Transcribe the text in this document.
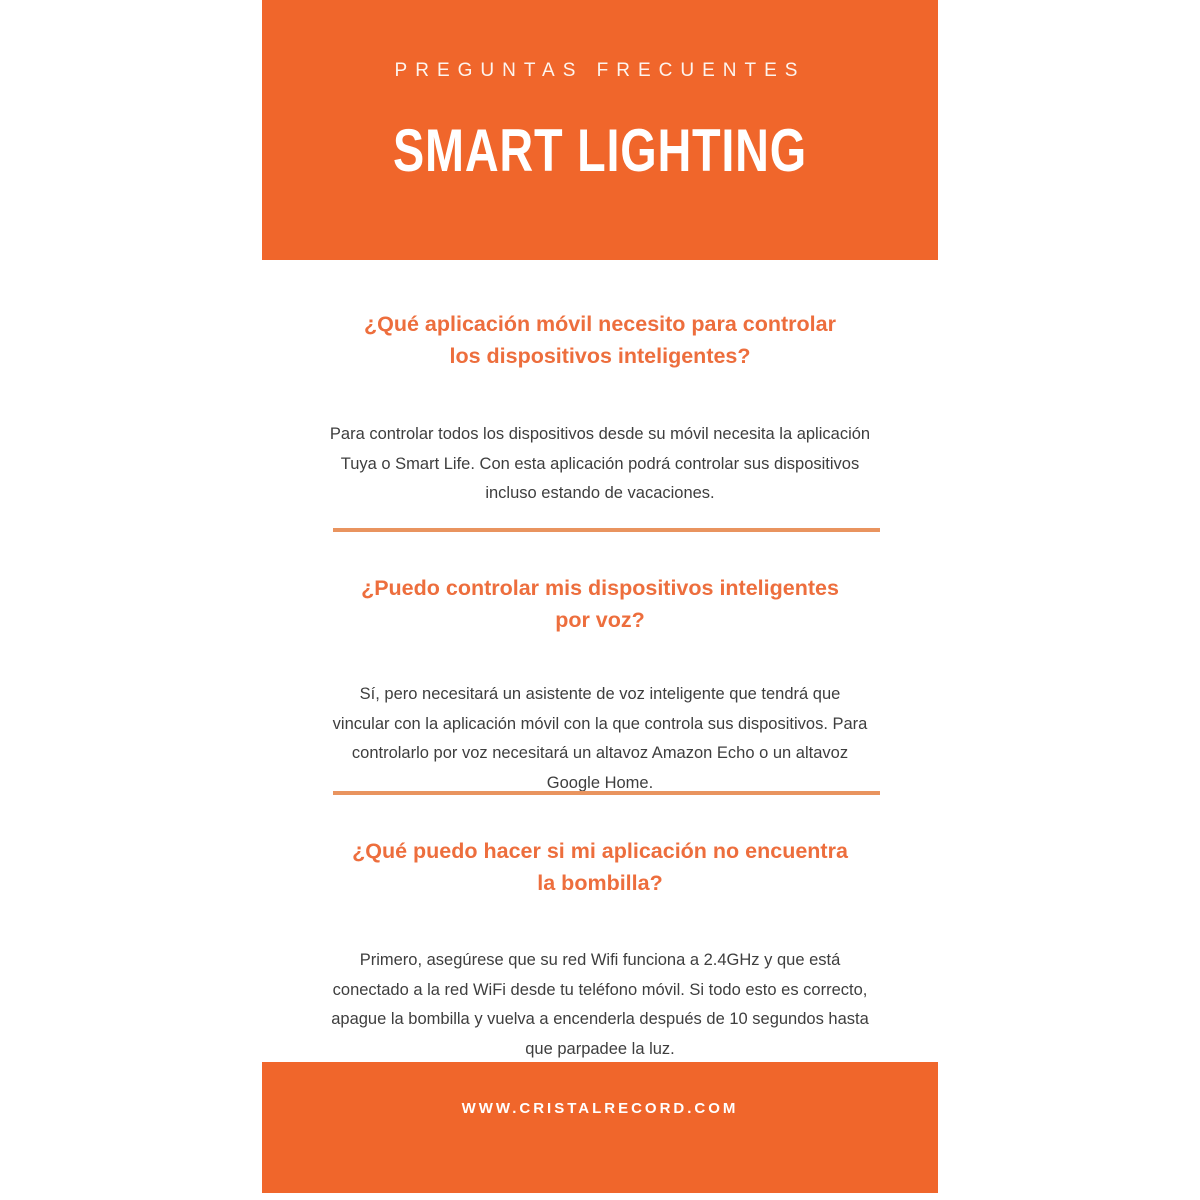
PREGUNTAS FRECUENTES
SMART LIGHTING
¿Qué aplicación móvil necesito para controlar
los dispositivos inteligentes?
Para controlar todos los dispositivos desde su móvil necesita la aplicación
Tuya o Smart Life. Con esta aplicación podrá controlar sus dispositivos
incluso estando de vacaciones.
¿Puedo controlar mis dispositivos inteligentes
por voz?
Sí, pero necesitará un asistente de voz inteligente que tendrá que
vincular con la aplicación móvil con la que controla sus dispositivos. Para
controlarlo por voz necesitará un altavoz Amazon Echo o un altavoz
Google Home.
¿Qué puedo hacer si mi aplicación no encuentra
la bombilla?
Primero, asegúrese que su red Wifi funciona a 2.4GHz y que está
conectado a la red WiFi desde tu teléfono móvil. Si todo esto es correcto,
apague la bombilla y vuelva a encenderla después de 10 segundos hasta
que parpadee la luz.
WWW.CRISTALRECORD.COM
